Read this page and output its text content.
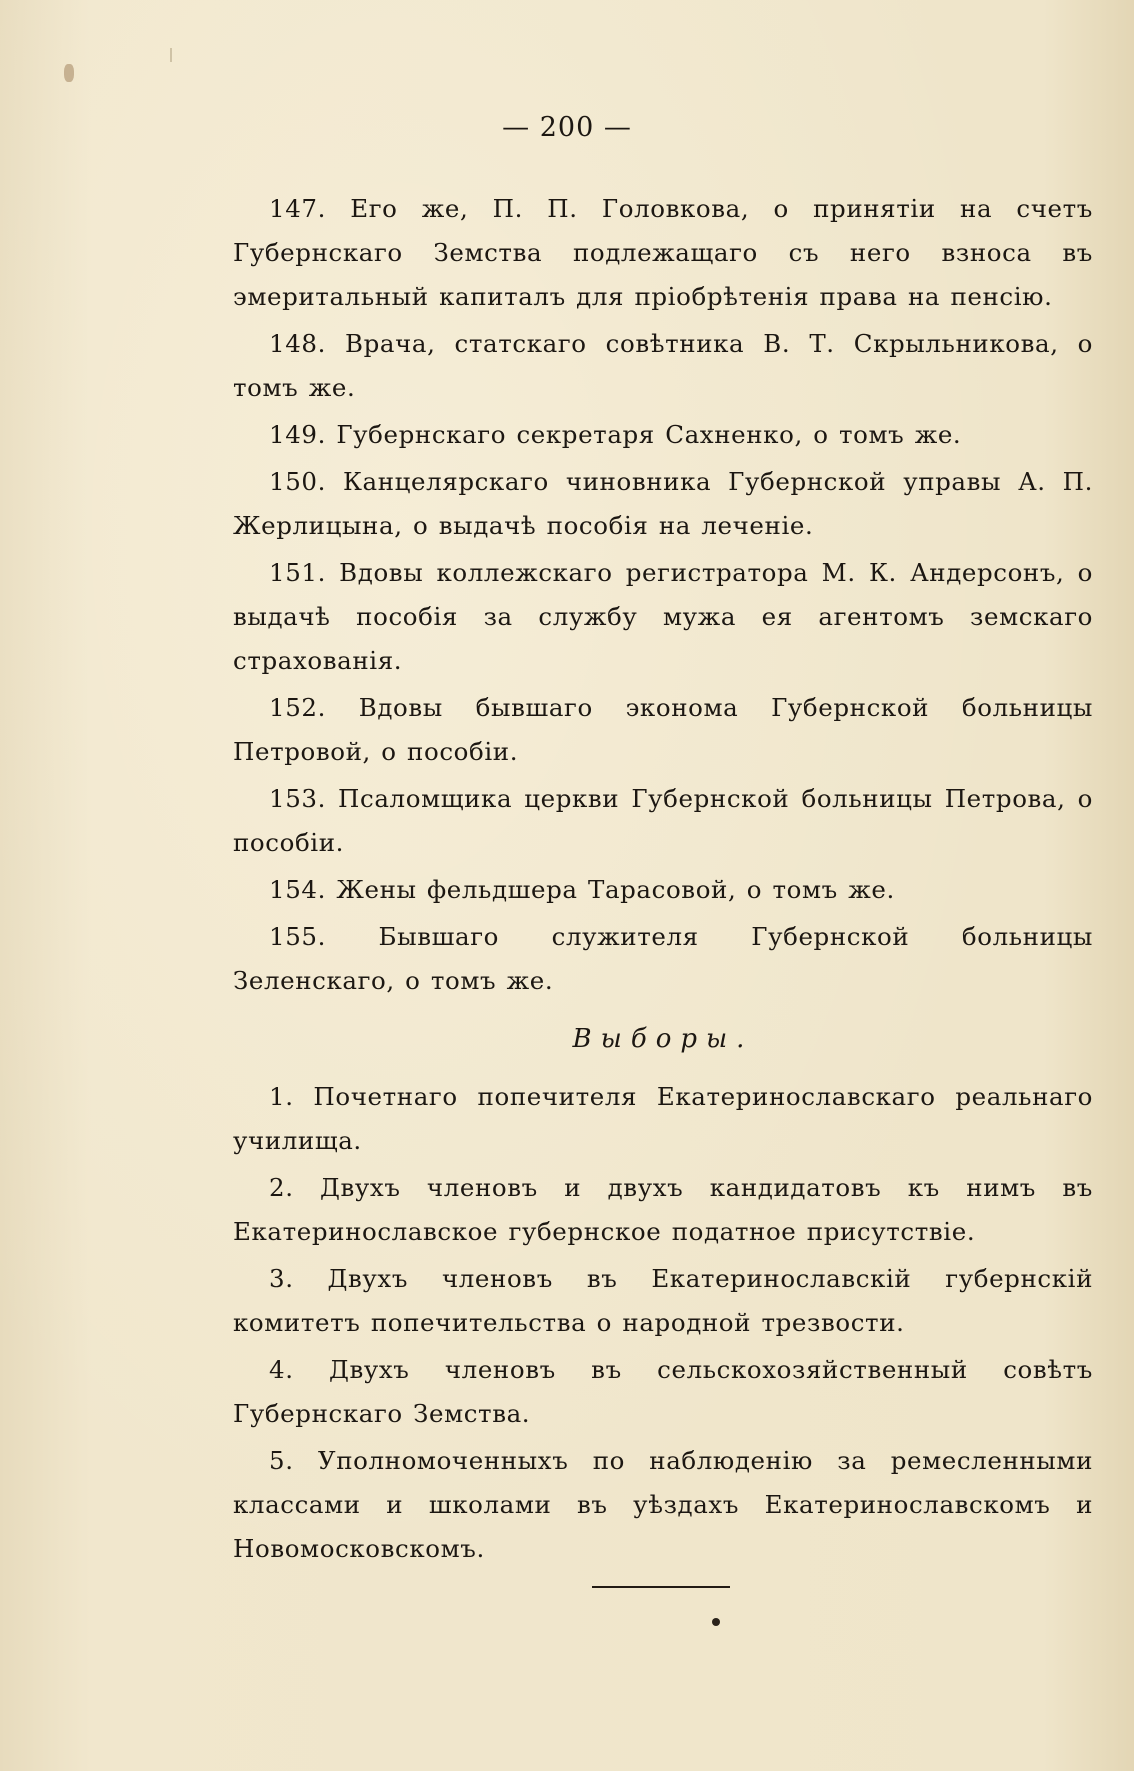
— 200 —

147. Его же, П. П. Головкова, о принятіи на счетъ Губернскаго Земства подлежащаго съ него взноса въ эмеритальный капиталъ для пріобрѣтенія права на пенсію.

148. Врача, статскаго совѣтника В. Т. Скрыльникова, о томъ же.

149. Губернскаго секретаря Сахненко, о томъ же.

150. Канцелярскаго чиновника Губернской управы А. П. Жерлицына, о выдачѣ пособія на леченіе.

151. Вдовы коллежскаго регистратора М. К. Андерсонъ, о выдачѣ пособія за службу мужа ея агентомъ земскаго страхованія.

152. Вдовы бывшаго эконома Губернской больницы Петровой, о пособіи.

153. Псаломщика церкви Губернской больницы Петрова, о пособіи.

154. Жены фельдшера Тарасовой, о томъ же.

155. Бывшаго служителя Губернской больницы Зеленскаго, о томъ же.

Выборы.

1. Почетнаго попечителя Екатеринославскаго реальнаго училища.

2. Двухъ членовъ и двухъ кандидатовъ къ нимъ въ Екатеринославское губернское податное присутствіе.

3. Двухъ членовъ въ Екатеринославскій губернскій комитетъ попечительства о народной трезвости.

4. Двухъ членовъ въ сельскохозяйственный совѣтъ Губернскаго Земства.

5. Уполномоченныхъ по наблюденію за ремесленными классами и школами въ уѣздахъ Екатеринославскомъ и Новомосковскомъ.
